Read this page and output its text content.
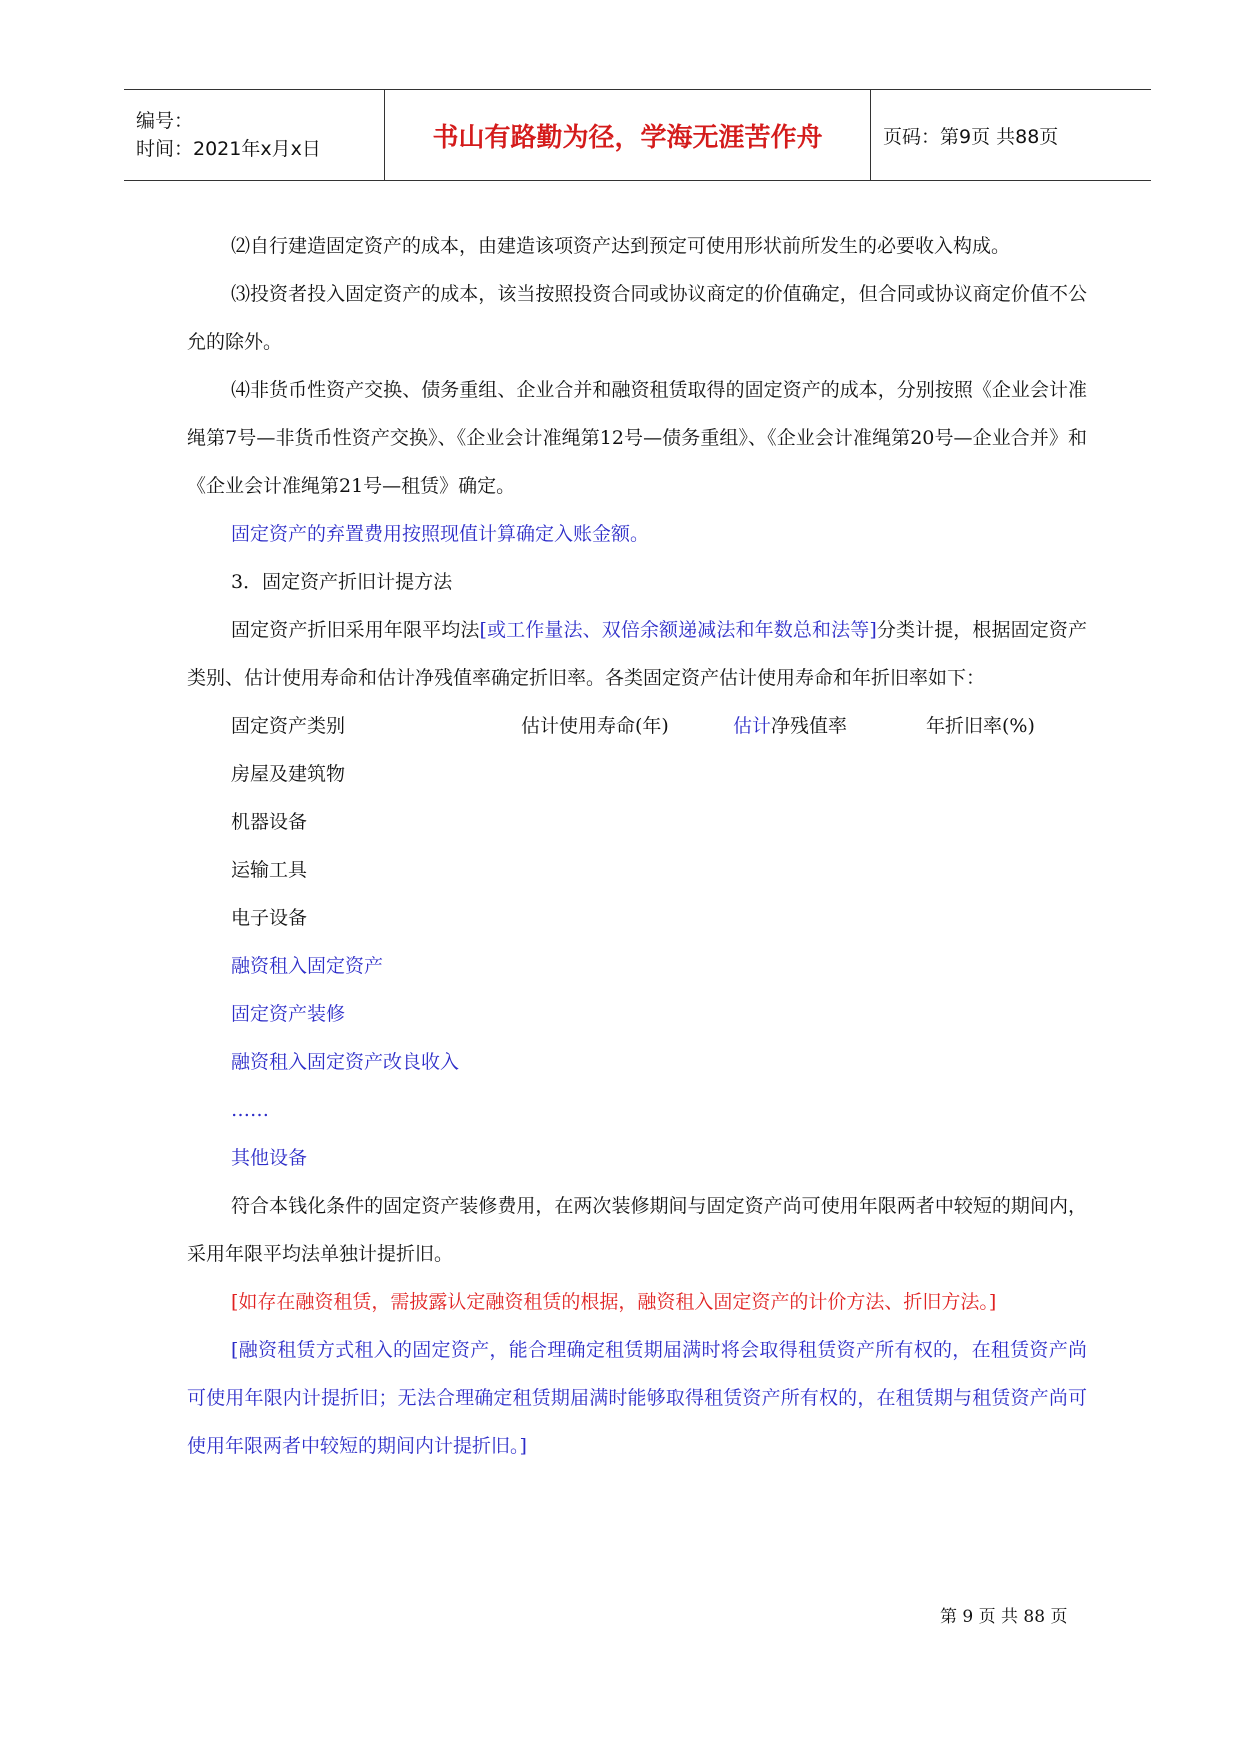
编号：
时间：2021年x月x日	书山有路勤为径，学海无涯苦作舟	页码：第9页 共88页

⑵自行建造固定资产的成本，由建造该项资产达到预定可使用形状前所发生的必要收入构成。

⑶投资者投入固定资产的成本，该当按照投资合同或协议商定的价值确定，但合同或协议商定价值不公允的除外。

⑷非货币性资产交换、债务重组、企业合并和融资租赁取得的固定资产的成本，分别按照《企业会计准绳第7号—非货币性资产交换》、《企业会计准绳第12号—债务重组》、《企业会计准绳第20号—企业合并》和《企业会计准绳第21号—租赁》确定。

固定资产的弃置费用按照现值计算确定入账金额。

3．固定资产折旧计提方法

固定资产折旧采用年限平均法[或工作量法、双倍余额递减法和年数总和法等]分类计提，根据固定资产类别、估计使用寿命和估计净残值率确定折旧率。各类固定资产估计使用寿命和年折旧率如下：

固定资产类别	估计使用寿命(年)	估计净残值率	年折旧率(%)
房屋及建筑物
机器设备
运输工具
电子设备
融资租入固定资产
固定资产装修
融资租入固定资产改良收入
……
其他设备

符合本钱化条件的固定资产装修费用，在两次装修期间与固定资产尚可使用年限两者中较短的期间内，采用年限平均法单独计提折旧。

[如存在融资租赁，需披露认定融资租赁的根据，融资租入固定资产的计价方法、折旧方法。]

[融资租赁方式租入的固定资产，能合理确定租赁期届满时将会取得租赁资产所有权的，在租赁资产尚可使用年限内计提折旧；无法合理确定租赁期届满时能够取得租赁资产所有权的，在租赁期与租赁资产尚可使用年限两者中较短的期间内计提折旧。]

第 9 页 共 88 页
